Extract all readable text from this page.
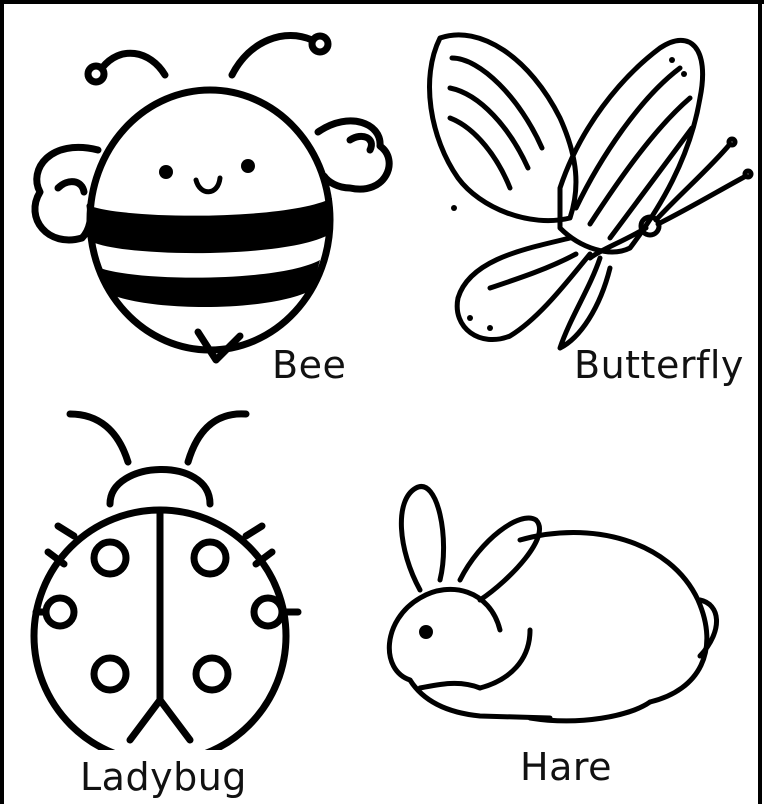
Bee	Butterfly
Ladybug	Hare
